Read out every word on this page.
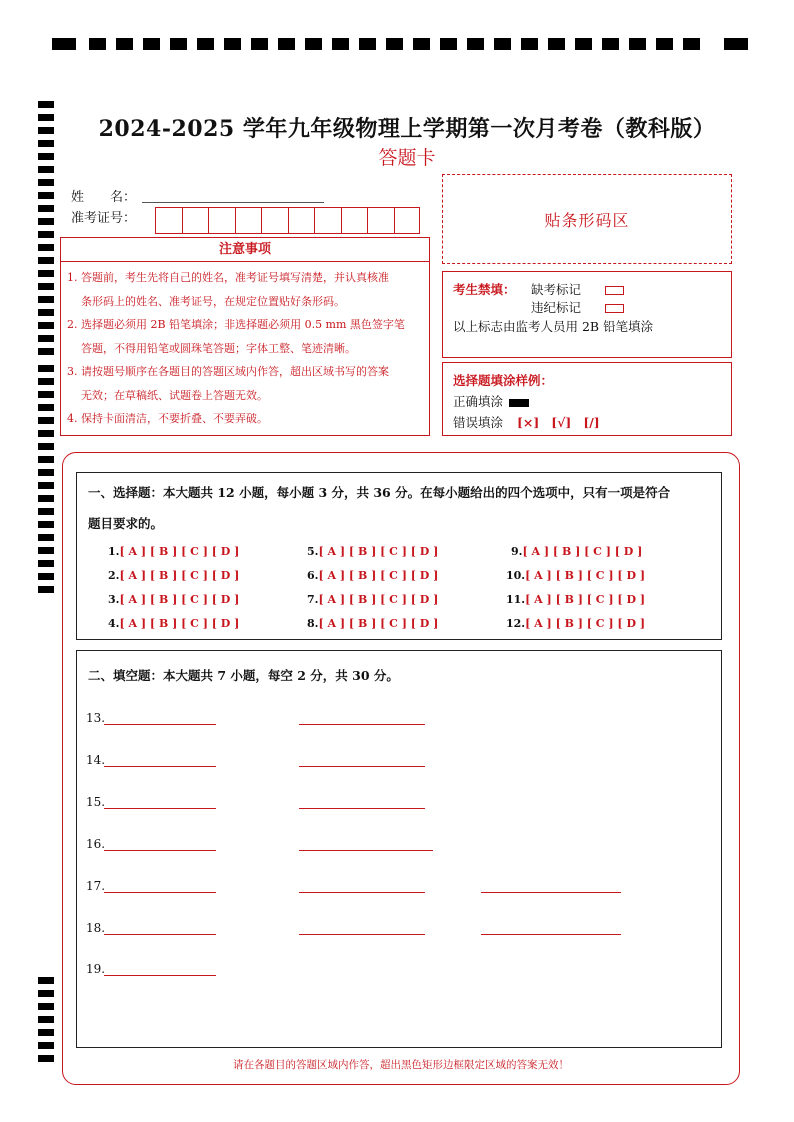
2024-2025 学年九年级物理上学期第一次月考卷（教科版）
答题卡
姓　　名：
准考证号：
注意事项
1. 答题前，考生先将自己的姓名，准考证号填写清楚，并认真核准
条形码上的姓名、准考证号，在规定位置贴好条形码。
2. 选择题必须用 2B 铅笔填涂；非选择题必须用 0.5 mm 黑色签字笔
答题，不得用铅笔或圆珠笔答题；字体工整、笔迹清晰。
3. 请按题号顺序在各题目的答题区域内作答，超出区域书写的答案
无效；在草稿纸、试题卷上答题无效。
4. 保持卡面清洁，不要折叠、不要弄破。
贴条形码区
考生禁填： 缺考标记
违纪标记
以上标志由监考人员用 2B 铅笔填涂
选择题填涂样例：
正确填涂
错误填涂 [×] [√] [/]
一、选择题：本大题共 12 小题，每小题 3 分，共 36 分。在每小题给出的四个选项中，只有一项是符合
题目要求的。
1.[ A ] [ B ] [ C ] [ D ]
2.[ A ] [ B ] [ C ] [ D ]
3.[ A ] [ B ] [ C ] [ D ]
4.[ A ] [ B ] [ C ] [ D ]
5.[ A ] [ B ] [ C ] [ D ]
6.[ A ] [ B ] [ C ] [ D ]
7.[ A ] [ B ] [ C ] [ D ]
8.[ A ] [ B ] [ C ] [ D ]
9.[ A ] [ B ] [ C ] [ D ]
10.[ A ] [ B ] [ C ] [ D ]
11.[ A ] [ B ] [ C ] [ D ]
12.[ A ] [ B ] [ C ] [ D ]
二、填空题：本大题共 7 小题，每空 2 分，共 30 分。
13.
14.
15.
16.
17.
18.
19.
请在各题目的答题区域内作答，超出黑色矩形边框限定区域的答案无效！
